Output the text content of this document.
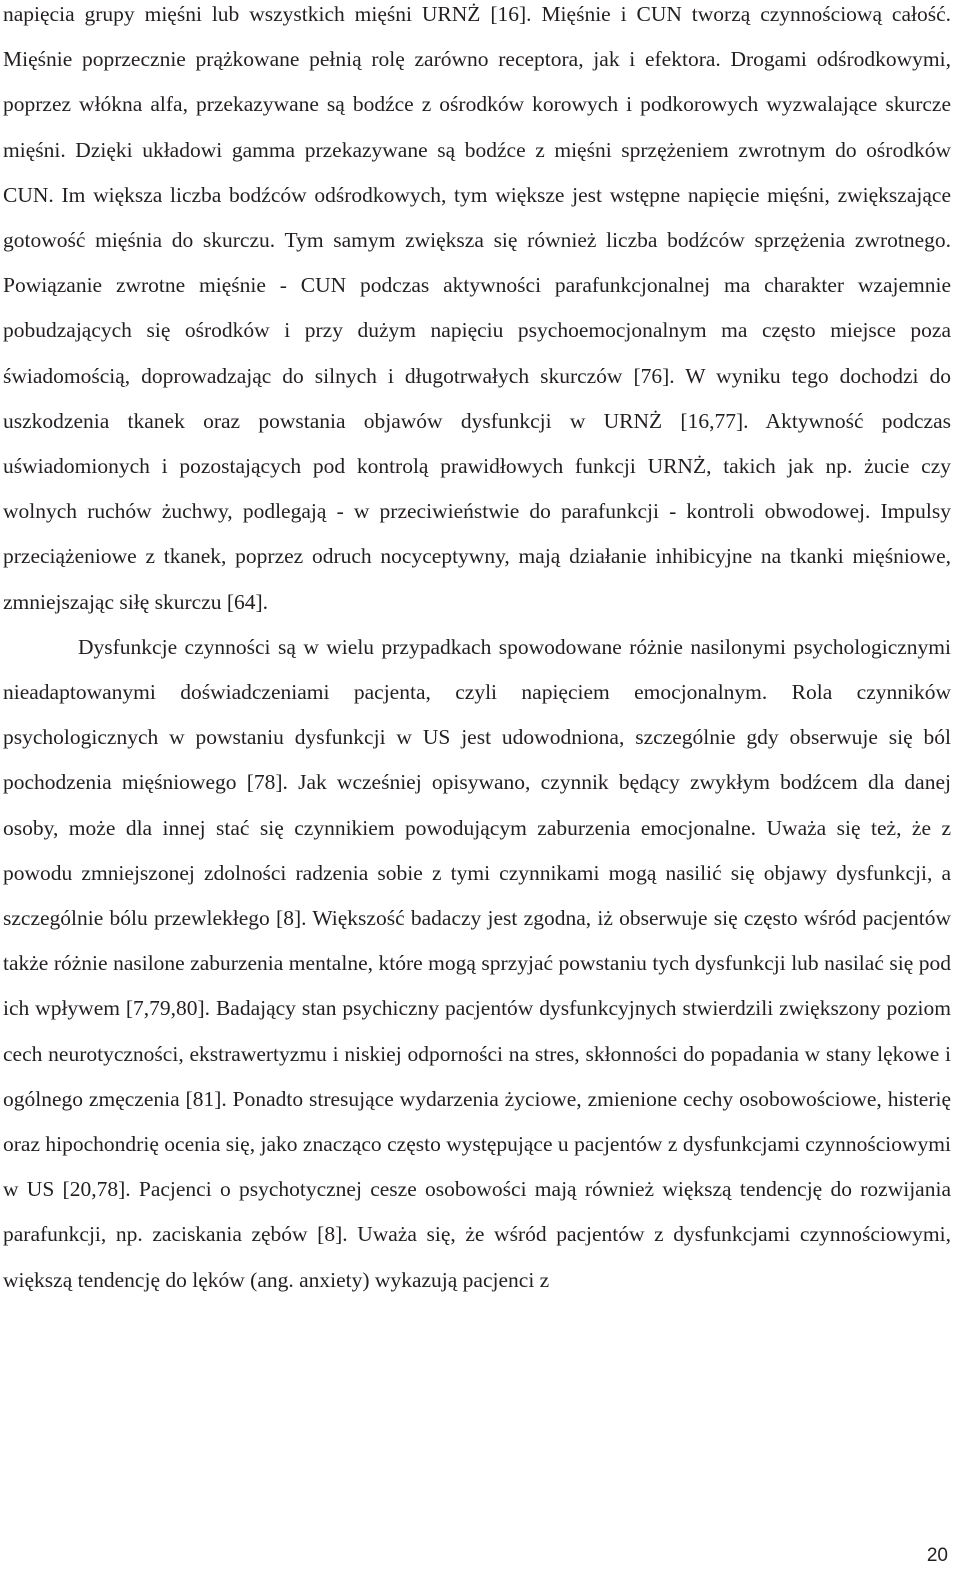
napięcia grupy mięśni lub wszystkich mięśni URNŻ [16]. Mięśnie i CUN tworzą czynnościową całość. Mięśnie poprzecznie prążkowane pełnią rolę zarówno receptora, jak i efektora. Drogami odśrodkowymi, poprzez włókna alfa, przekazywane są bodźce z ośrodków korowych i podkorowych wyzwalające skurcze mięśni. Dzięki układowi gamma przekazywane są bodźce z mięśni sprzężeniem zwrotnym do ośrodków CUN. Im większa liczba bodźców odśrodkowych, tym większe jest wstępne napięcie mięśni, zwiększające gotowość mięśnia do skurczu. Tym samym zwiększa się również liczba bodźców sprzężenia zwrotnego. Powiązanie zwrotne mięśnie - CUN podczas aktywności parafunkcjonalnej ma charakter wzajemnie pobudzających się ośrodków i przy dużym napięciu psychoemocjonalnym ma często miejsce poza świadomością, doprowadzając do silnych i długotrwałych skurczów [76]. W wyniku tego dochodzi do uszkodzenia tkanek oraz powstania objawów dysfunkcji w URNŻ [16,77]. Aktywność podczas uświadomionych i pozostających pod kontrolą prawidłowych funkcji URNŻ, takich jak np. żucie czy wolnych ruchów żuchwy, podlegają - w przeciwieństwie do parafunkcji - kontroli obwodowej. Impulsy przeciążeniowe z tkanek, poprzez odruch nocyceptywny, mają działanie inhibicyjne na tkanki mięśniowe, zmniejszając siłę skurczu [64].

Dysfunkcje czynności są w wielu przypadkach spowodowane różnie nasilonymi psychologicznymi nieadaptowanymi doświadczeniami pacjenta, czyli napięciem emocjonalnym. Rola czynników psychologicznych w powstaniu dysfunkcji w US jest udowodniona, szczególnie gdy obserwuje się ból pochodzenia mięśniowego [78]. Jak wcześniej opisywano, czynnik będący zwykłym bodźcem dla danej osoby, może dla innej stać się czynnikiem powodującym zaburzenia emocjonalne. Uważa się też, że z powodu zmniejszonej zdolności radzenia sobie z tymi czynnikami mogą nasilić się objawy dysfunkcji, a szczególnie bólu przewlekłego [8]. Większość badaczy jest zgodna, iż obserwuje się często wśród pacjentów także różnie nasilone zaburzenia mentalne, które mogą sprzyjać powstaniu tych dysfunkcji lub nasilać się pod ich wpływem [7,79,80]. Badający stan psychiczny pacjentów dysfunkcyjnych stwierdzili zwiększony poziom cech neurotyczności, ekstrawertyzmu i niskiej odporności na stres, skłonności do popadania w stany lękowe i ogólnego zmęczenia [81]. Ponadto stresujące wydarzenia życiowe, zmienione cechy osobowościowe, histerię oraz hipochondrię ocenia się, jako znacząco często występujące u pacjentów z dysfunkcjami czynnościowymi w US [20,78]. Pacjenci o psychotycznej cesze osobowości mają również większą tendencję do rozwijania parafunkcji, np. zaciskania zębów [8]. Uważa się, że wśród pacjentów z dysfunkcjami czynnościowymi, większą tendencję do lęków (ang. anxiety) wykazują pacjenci z

20
